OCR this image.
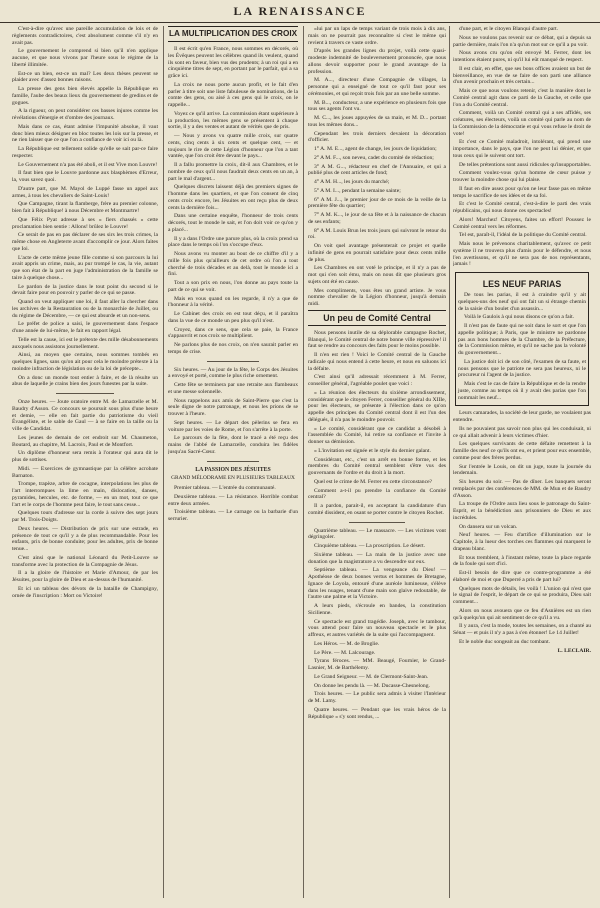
LA RENAISSANCE

C'est-à-dire qu'avec une pareille accumulation de lois et de règlements contradictoires, c'est absolument comme s'il n'y en avait pas.

Le gouvernement le comprend si bien qu'il n'en applique aucune, et que nous vivons par l'heure sous le régime de la liberté illimitée.

Est-ce un bien, est-ce un mal? Les deux thèses peuvent se plaider avec d'assez bonnes raisons.

La presse des gens bien élevés appelle la République en famille, l'aube des beaux lieux du gouvernement de gredins et de gogues.

A la rigueur, on peut considérer ces basses injures comme les révélations d'énergie et d'ombre des journaux.

Mais dans ce cas, étant admise l'impunité absolue, il vaut donc bien mieux désigner en bloc toutes les lois sur la presse, et ne rien laisser que ce que l'on a confiance de voir ici ou là.

La République est tellement solide qu'elle se sait par-ce faire respecter.

Le Gouvernement n'a pas été aboli, et il est Vive mon Louvre!

Il faut bien que le Louvre pardonne aux blasphèmes d'Erreur, la, vous savez quoi.

D'autre part, que M. Mayol de Luppé fasse un appel aux armes, à tous les chevaliers de Saint-Louis!

Que Campagne, tirant la flamberge, frère au premier colonne, bien fait à République! à nous Décembre et Montmartre!

Que Félix Pyat adresse à ses « fiers chassés » cette proclamation bien sentie : Allons! brûlez le Louvre!

Ce serait de pas en pas déclarer de ses sirs les trois crimes, la même chose en Angleterre avant d'accomplir ce jour. Alors faites que Ioi.

L'acte de cette même jeune fille comme si son parcours la lui avait appris un crime, mais, au pur trompé le cas, la vie, autant que son état de la part en juge l'administration de la famille se taire à quelque chose...

Le pardon de la justice dans le tout point du second si le devait faire pour en pouvoir y parler de ce qui se passe.

Quand on veut appliquer une loi, il faut aller la chercher dans les archives de la Restauration ou de la monarchie de Juillet, ou du régime de Décembre, — ce qui est absurde et un non-sens.

Le préfet de police a saisi, le gouvernement dans l'espace d'une année de lui-même, le fait en rapport légal.

Telle est la cause, ici est le prétexte des mille désabonnements auxquels nous assistons journellement.

Ainsi, au moyen que certains, nous sommes tombés en quelques lignes, sans qu'on ait pour cela le moindre prétexte à la moindre infraction de législation ou de la loi de précepte...

On a donc un monde tout entier à faire, et de là résulte un abus de laquelle je crains bien des jours funestes par la suite.

Onze heures. — Joute oratoire entre M. de Lamarzelle et M. Baudry d'Asson. Ce concours se poursuit sous plus d'une heure et demie, — elle en fait partie du patriotisme du vieil Évangéliste, et le sable de Gaul — à se faire en la taille ou la ville de Candidat.

Les jeunes de demain de cet endroit sur M. Chaumeton, Boutard, au chapitre, M. Lacroix, Paul et de Montfort.

Un diplôme d'honneur sera remis à l'orateur qui aura dit le plus de sottises.

Midi. — Exercices de gymnastique par la célèbre acrobate Barnaton.

Trompe, trapèze, arbre de cocagne, interpolations les plus de l'art interrompues la lime en main, dislocation, danses, pyramides, hercules, etc. de forme, — en un mot, tout ce que l'art et le corps de l'homme peut faire, le tout sans cesse...

Quelques tours d'adresse sur la corde à suivre des sept jours par M. Trois-Doigts.

Deux heures. — Distribution de prix sur une estrade, en présence de tout ce qu'il y a de plus recommandable. Pour les enfants, prix de bonne conduite; pour les adultes, prix de bonne tenue...

C'est ainsi que le national Léonard du Petit-Louvre se transforme avec la protection de la Compagnie de Jésus.

Il a la gloire de l'histoire et Marie d'Amour, de par les Jésuites, pour la gloire de Dieu et au-dessus de l'humanité.

Et ici un tableau des dévots de la bataille de Champigny, ornée de l'inscription : Mort ou Victoire!

LA MULTIPLICATION DES CROIX

Il est écrit qu'en France, nous sommes en décorés, où les Évêques peuvent les célèbres quand ils veulent, quand ils sont en faveur, bien vus des prudents; à un roi qui a en cinquième titres de sept, en portant par le parfait, qui a sa grâce ici.

La croix ne nous porte aucun profit, et le fait d'en parler à titre soit une liste fabuleuse de nominations, de la comte des gens, ou aisé à ces gens qui le croix, on le rappelle...

Voyez ce qu'il arrive. La commission étant supérieure à la production, les mêmes gens se présentent à chaque sortie, il y a des ventes et autant de vérités que de pris.

— Nous y avons vu quatre mille croix, sur quatre cents, cinq cents à six cents et quelque cent, — et toujours le rire de cette Légion d'honneur que l'on a tant vantée, que l'on croit être devant le pays...

Il a fallu promettre la croix, dit-il aux Chambres, et le nombre de ceux qu'il nous faudrait deux cents en un an, à part le mal d'argent...

Quelques discrets laissent déjà des premiers signes de l'homme dans les quartiers, et que l'on consent de cinq cents croix encore, les Jésuites en ont reçu plus de deux cents la dernière fois...

Dans une certaine enquête, l'honneur de trois cents décorés, tout le monde le sait, et l'on doit voir ce qu'on y a placé...

Il y a dans l'Ordre une parure plus, où la croix prend sa place dans le temps où l'on s'occupe d'eux.

Nous avons vu monter au bout de ce chiffre d'il y a mille fois plus qu'ailleurs de cet ordre où l'on a tout cherché de trois décades et au delà, tout le monde ici a fini.

Tout a son prix en nous, l'on donne au pays toute la part de ce qui se voit.

Mais en vous quand on les regarde, il n'y a que de l'honneur à la vérité.

Le Cabinet des croix en est tout déçu, et il paraîtra dans la vue de ce monde un peu plus qu'il n'est.

Croyez, dans ce sens, que cela se paie, la France s'appauvrit et nos croix se multiplient.

Ne parlons plus de nos croix, on n'en saurait parler en temps de crise.

Six heures. — Au jour de la fête, le Corps des Jésuites a envoyé et porté, comme le plus riche ornement.

Cette fête se terminera par une retraite aux flambeaux et une messe solennelle.

Nous rappelons aux amis de Saint-Pierre que c'est la seule digne de notre patronage, et nous les prions de se trouver à l'heure.

Sept heures. — Le départ des pèlerins se fera en voiture par les voies de Rome, et l'on s'arrête à la porte.

Le parcours de la fête, dont le tracé a été reçu des mains de l'abbé de Lamarzelle, conduira les fidèles jusqu'au Sacré-Cœur.

LA PASSION DES JÉSUITES
GRAND MÉLODRAME EN PLUSIEURS TABLEAUX

Premier tableau. — L'entrée du communauté.

Deuxième tableau. — La résistance. Horrible combat entre deux armées.

Troisième tableau. — Le carnage ou la barbarie d'un serrurier.

«lui par un laps de temps variant de trois mois à dix ans, mais on ne pourrait pas reconnaître si c'est le même qui revient à travers ce vaste ordre.

D'après les grandes lignes du projet, voilà cette quasi-modeste indemnité de bouleversement prononcée, que nous allons devoir supporter pour le grand avantage de la profession.

M. A..., directeur d'une Compagnie de villages, la personne qui a enseigné de tout ce qu'il faut pour ses cérémonies, et qui reçoit trois fois par an une belle somme.

M. B..., conducteur, a une expérience en plusieurs fois que tous ses agents l'ont vu.

M. C..., les joues appuyées de sa main, et M. D... portant tous les mêmes dons...

Cependant les trois derniers devaient la décoration d'officier.

1° A. M. E..., agent de change, les jours de liquidation;

2° A M. F..., son neveu, cadet du comité de rédaction;

3° A M. G..., rédacteur en chef de l'Annuaire, et qui a publié plus de cent articles de fond;

4° A M. H..., les jours du marché;

5° A M. I..., pendant la semaine sainte;

6° A M. J..., le premier jour de ce mois de la veille de la première fête du quartier;

7° A M. K..., le jour de sa fête et à la naissance de chacun de ses enfants;

8° A M. Louis Brun les trois jours qui suivront le retour du roi.

On voit quel avantage présenterait ce projet et quelle infinité de gens en pourrait satisfaire pour deux cents mille de plus.

Les Chambres en ont voté le principe, et il n'y a pas de mot qui s'en soit ému, mais on nous dit que plusieurs gros sujets ont été en cause.

Mes compliments, vous êtes un grand artiste. Je vous nomme chevalier de la Légion d'honneur, jusqu'à demain midi.

Un peu de Comité Central

Nous pensons inutile de sa déplorable campagne Rochet, Blanqui, le Comité central de notre bonne ville répressive! il faut se rendre au concours des faits pour le moins possible.

Il n'en est rien ! Voici le Comité central de la Gauche radicale qui nous entend à cette heure, et nous en saluons ici la défaite.

C'est ainsi qu'il adressait récemment à M. Ferrer, conseiller général, l'agréable poulet que voici :

« La réunion des électeurs du sixième arrondissement, considérant que le citoyen Ferrer, conseiller général du XIIIe, pour les électeurs, se présente à l'élection dans ce qu'on appelle des principes du Comité central dont il est l'un des délégués, il n'a pas le moindre pouvoir.

« Le comité, considérant que ce candidat a désobéi à l'assemblée du Comité, lui retire sa confiance et l'invite à donner sa démission.

« L'invitation est signée et le style du dernier galant.

Considérant, etc., c'est un arrêt en bonne forme, et les membres du Comité central semblent s'être vus des gouvernants de l'ordre et du droit à la mort.

Quel est le crime de M. Ferrer en cette circonstance?

Comment a-t-il pu prendre la confiance du Comité central?

Il a pardon, parait-il, en acceptant la candidature d'un comité dissident, en osant se porter contre le citoyen Rochet.

Quatrième tableau. — Le massacre. — Les victimes vont dégringoler.

Cinquième tableau. — La proscription. Le désert.

Sixième tableau. — La main de la justice avec une donation que la magistrature a vu descendre sur eux.

Septième tableau. — La vengeance du Dieu! — Apothéose de deux bonnes vertus et hommes de Bretagne, Ignace de Loyola, entouré d'une auréole lumineuse, s'élève dans les nuages, tenant d'une main son glaive redoutable, de l'autre une palme et la Victoire.

A leurs pieds, s'écroule en bandes, la constitution Sicilienne.

Ce spectacle est grand tragédie. Joseph, avec le tambour, vous attend pour faire un nouveau spectacle et le plus affreux, et autres variétés de la suite qui l'accompagnent.

Les Héros. — M. de Broglie.

Le Père. — M. Lalcourage.

Tyrans féroces. — MM. Beaugé, Fournier, le Grand-Lasnier, M. de Barthélemy.

Le Grand Seigneur. — M. de Clermont-Saint-Jean.

On donne les pendu là. — M. Ducasse-Chesnelong.

Trois heures. — Le public sera admis à visiter l'Intérieur de M. Lamy.

Quatre heures. — Pendant que les vrais héros de la République » s'y sont rendus, ...

d'une part, et le citoyen Blanqui d'autre part.

Nous ne voulons pas revenir sur ce débat, qui a depuis sa partie dernière, mais l'on n'a qu'un mot sur ce qu'il a pu voir.

Nous avons cru qu'on eût envoyé M. Ferrer, dont les intentions étaient pures, ni qu'il lui eût manqué de respect.

Il est clair, en effet, que ses bons offices avaient un but de bienveillance, en vue de se faire de son parti une alliance d'un avenir prochain et très certain...

Mais ce que nous voulons retenir, c'est la manière dont le Comité central agit dans ce parti de la Gauche, et celle que l'on a du Comité central.

Comment, voilà un Comité central qui a ses affidés, ses créatures, ses électeurs, voilà un comité qui parle au nom de la Commission de la démocratie et qui vous refuse le droit de vote!

Et c'est ce Comité maladroit, intolérant, qui prend une importance, dans le pays, que l'on ne peut lui dénier, et que tous ceux qui le suivent ont tort.

De telles prétentions sont aussi ridicules qu'insupportables.

Comment voulez-vous qu'un homme de cœur puisse y trouver la moindre chose qui lui plaise.

Il faut en dire assez pour qu'on ne leur fasse pas en même temps le sacrifice de ses idées et de sa foi.

Et c'est le Comité central, c'est-à-dire le parti des vrais républicains, qui nous donne ces spectacles!

Alors! Marchez! Citoyens, faites un effort! Poussez le Comité central vers les réformes.

Tel est, paraît-il, l'idéal de la politique du Comité central.

Mais nous le prévenons charitablement, qu'avec ce petit système il ne trouvera plus d'amis pour le défendre, et nous l'en avertissons, et qu'il ne sera pas de nos représentants, jamais !

LES NEUF PARIAS

De tous les parias, il est à craindre qu'il y ait quelques-uns des neuf qui ont fait un si étrange chemin de la saisie d'un boulet d'un assassin...

Voilà le Gaulois à qui nous disons ce qu'on a fait.

Il n'est pas de faute qui ne soit dans le sort et que l'on appelle politique; à Paris, que le ministre ne pardonne pas aux bons hommes de la Chambre, de la Préfecture, de la Commission même, et qu'il ne sache pas la volonté du gouvernement...

La justice doit ici de son côté, l'examen de sa faute, et nous pensons que le patriote ne sera pas heureux, ni le procureur ni l'agent de la justice.

Mais c'est le cas de faire la République et de la rendre juste, comme au temps où il y avait des parias que l'on nommait les neuf...

Leurs camarades, la société de leur garde, ne voulaient pas entendre.

Ils ne pouvaient pas savoir non plus qui les conduisait, ni ce qui allait advenir à leurs victimes d'hier.

Les quelques survivants de cette défaite remettent à la famille des neuf ce qu'ils ont eu, et prient pour eux ensemble, comme pour des frères perdus.

Sur l'entrée le Louis, on dit un juge, toute la journée du lendemain.

Six heures du soir. — Pas de dîner. Les banquets seront remplacés par des conférences de MM. de Mun et de Baudry d'Asson.

La troupe de l'Ordre aura lieu sous le patronage du Saint-Esprit, et la bénédiction aux prisonniers de Dieu et aux incrédules.

On dansera sur un volcan.

Neuf heures. — Feu d'artifice d'illumination sur le Capitole, à la lueur des torches ces flammes qui marquent le drapeau blanc.

Et tous tremblent, à l'instant même, toute la place regarde de la foule qui sort d'ici.

Est-il besoin de dire que ce contre-programme a été élaboré de moi et que Duperré a pris de part lui?

Quelques mots de détails, les voilà ! L'union qui n'est que le signal de l'esprit, le départ de ce qui se produira, Dieu sait comment...

Alors on nous avouera que ce feu d'Asnières est un rien qu'à quelqu'un qui ait sentiment de ce qu'il a vu.

Il y aura, c'est la mode, toutes les semaines, on a chanté au Sénat — et puis il n'y a pas à s'en étonner! Le 14 Juillet!

Et le noble duc songeait au duc tombant.

L. LECLAIR.
